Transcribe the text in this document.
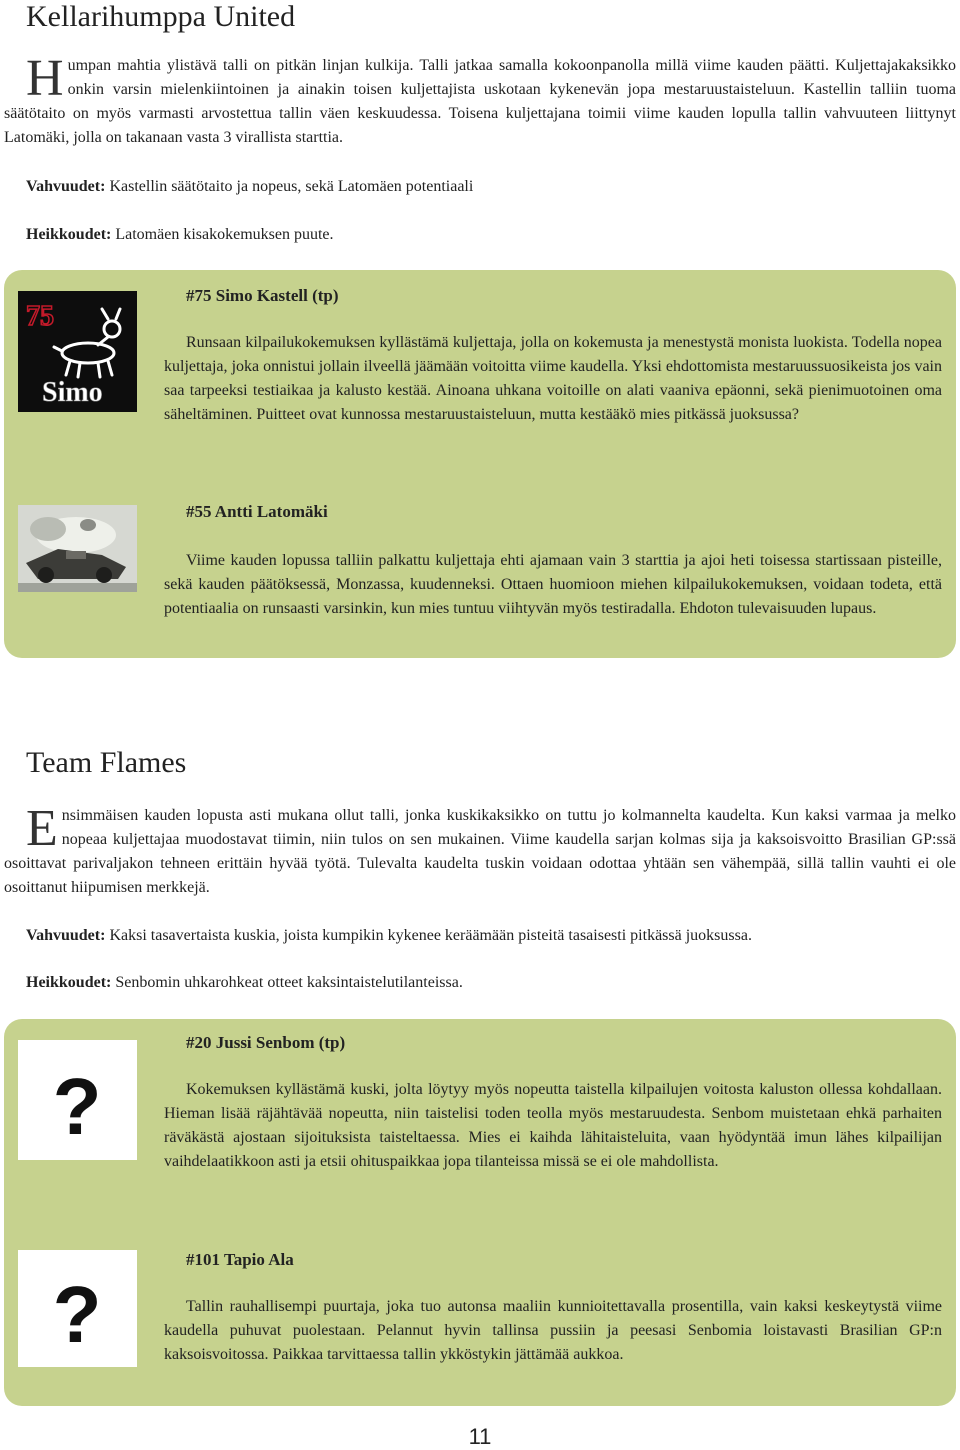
Kellarihumppa United

Humpan mahtia ylistävä talli on pitkän linjan kulkija. Talli jatkaa samalla kokoonpanolla millä viime kauden päätti. Kuljettajakaksikko onkin varsin mielenkiintoinen ja ainakin toisen kuljettajista uskotaan kykenevän jopa mestaruustaisteluun. Kastellin talliin tuoma säätötaito on myös varmasti arvostettua tallin väen keskuudessa. Toisena kuljettajana toimii viime kauden lopulla tallin vahvuuteen liittynyt Latomäki, jolla on takanaan vasta 3 virallista starttia.

Vahvuudet: Kastellin säätötaito ja nopeus, sekä Latomäen potentiaali

Heikkoudet: Latomäen kisakokemuksen puute.

75
Simo
#75 Simo Kastell (tp)

Runsaan kilpailukokemuksen kyllästämä kuljettaja, jolla on kokemusta ja menestystä monista luokista. Todella nopea kuljettaja, joka onnistui jollain ilveellä jäämään voitoitta viime kaudella. Yksi ehdottomista mestaruussuosikeista jos vain saa tarpeeksi testiaikaa ja kalusto kestää. Ainoana uhkana voitoille on alati vaaniva epäonni, sekä pienimuotoinen oma säheltäminen. Puitteet ovat kunnossa mestaruustaisteluun, mutta kestääkö mies pitkässä juoksussa?

#55 Antti Latomäki

Viime kauden lopussa talliin palkattu kuljettaja ehti ajamaan vain 3 starttia ja ajoi heti toisessa startissaan pisteille, sekä kauden päätöksessä, Monzassa, kuudenneksi. Ottaen huomioon miehen kilpailukokemuksen, voidaan todeta, että potentiaalia on runsaasti varsinkin, kun mies tuntuu viihtyvän myös testiradalla. Ehdoton tulevaisuuden lupaus.

Team Flames

Ensimmäisen kauden lopusta asti mukana ollut talli, jonka kuskikaksikko on tuttu jo kolmannelta kaudelta. Kun kaksi varmaa ja melko nopeaa kuljettajaa muodostavat tiimin, niin tulos on sen mukainen. Viime kaudella sarjan kolmas sija ja kaksoisvoitto Brasilian GP:ssä osoittavat parivaljakon tehneen erittäin hyvää työtä. Tulevalta kaudelta tuskin voidaan odottaa yhtään sen vähempää, sillä tallin vauhti ei ole osoittanut hiipumisen merkkejä.

Vahvuudet: Kaksi tasavertaista kuskia, joista kumpikin kykenee keräämään pisteitä tasaisesti pitkässä juoksussa.

Heikkoudet: Senbomin uhkarohkeat otteet kaksintaistelutilanteissa.

?
#20 Jussi Senbom (tp)

Kokemuksen kyllästämä kuski, jolta löytyy myös nopeutta taistella kilpailujen voitosta kaluston ollessa kohdallaan. Hieman lisää räjähtävää nopeutta, niin taistelisi toden teolla myös mestaruudesta. Senbom muistetaan ehkä parhaiten räväkästä ajostaan sijoituksista taisteltaessa. Mies ei kaihda lähitaisteluita, vaan hyödyntää imun lähes kilpailijan vaihdelaatikkoon asti ja etsii ohituspaikkaa jopa tilanteissa missä se ei ole mahdollista.

?
#101 Tapio Ala

Tallin rauhallisempi puurtaja, joka tuo autonsa maaliin kunnioitettavalla prosentilla, vain kaksi keskeytystä viime kaudella puhuvat puolestaan. Pelannut hyvin tallinsa pussiin ja peesasi Senbomia loistavasti Brasilian GP:n kaksoisvoitossa. Paikkaa tarvittaessa tallin ykköstykin jättämää aukkoa.

11
